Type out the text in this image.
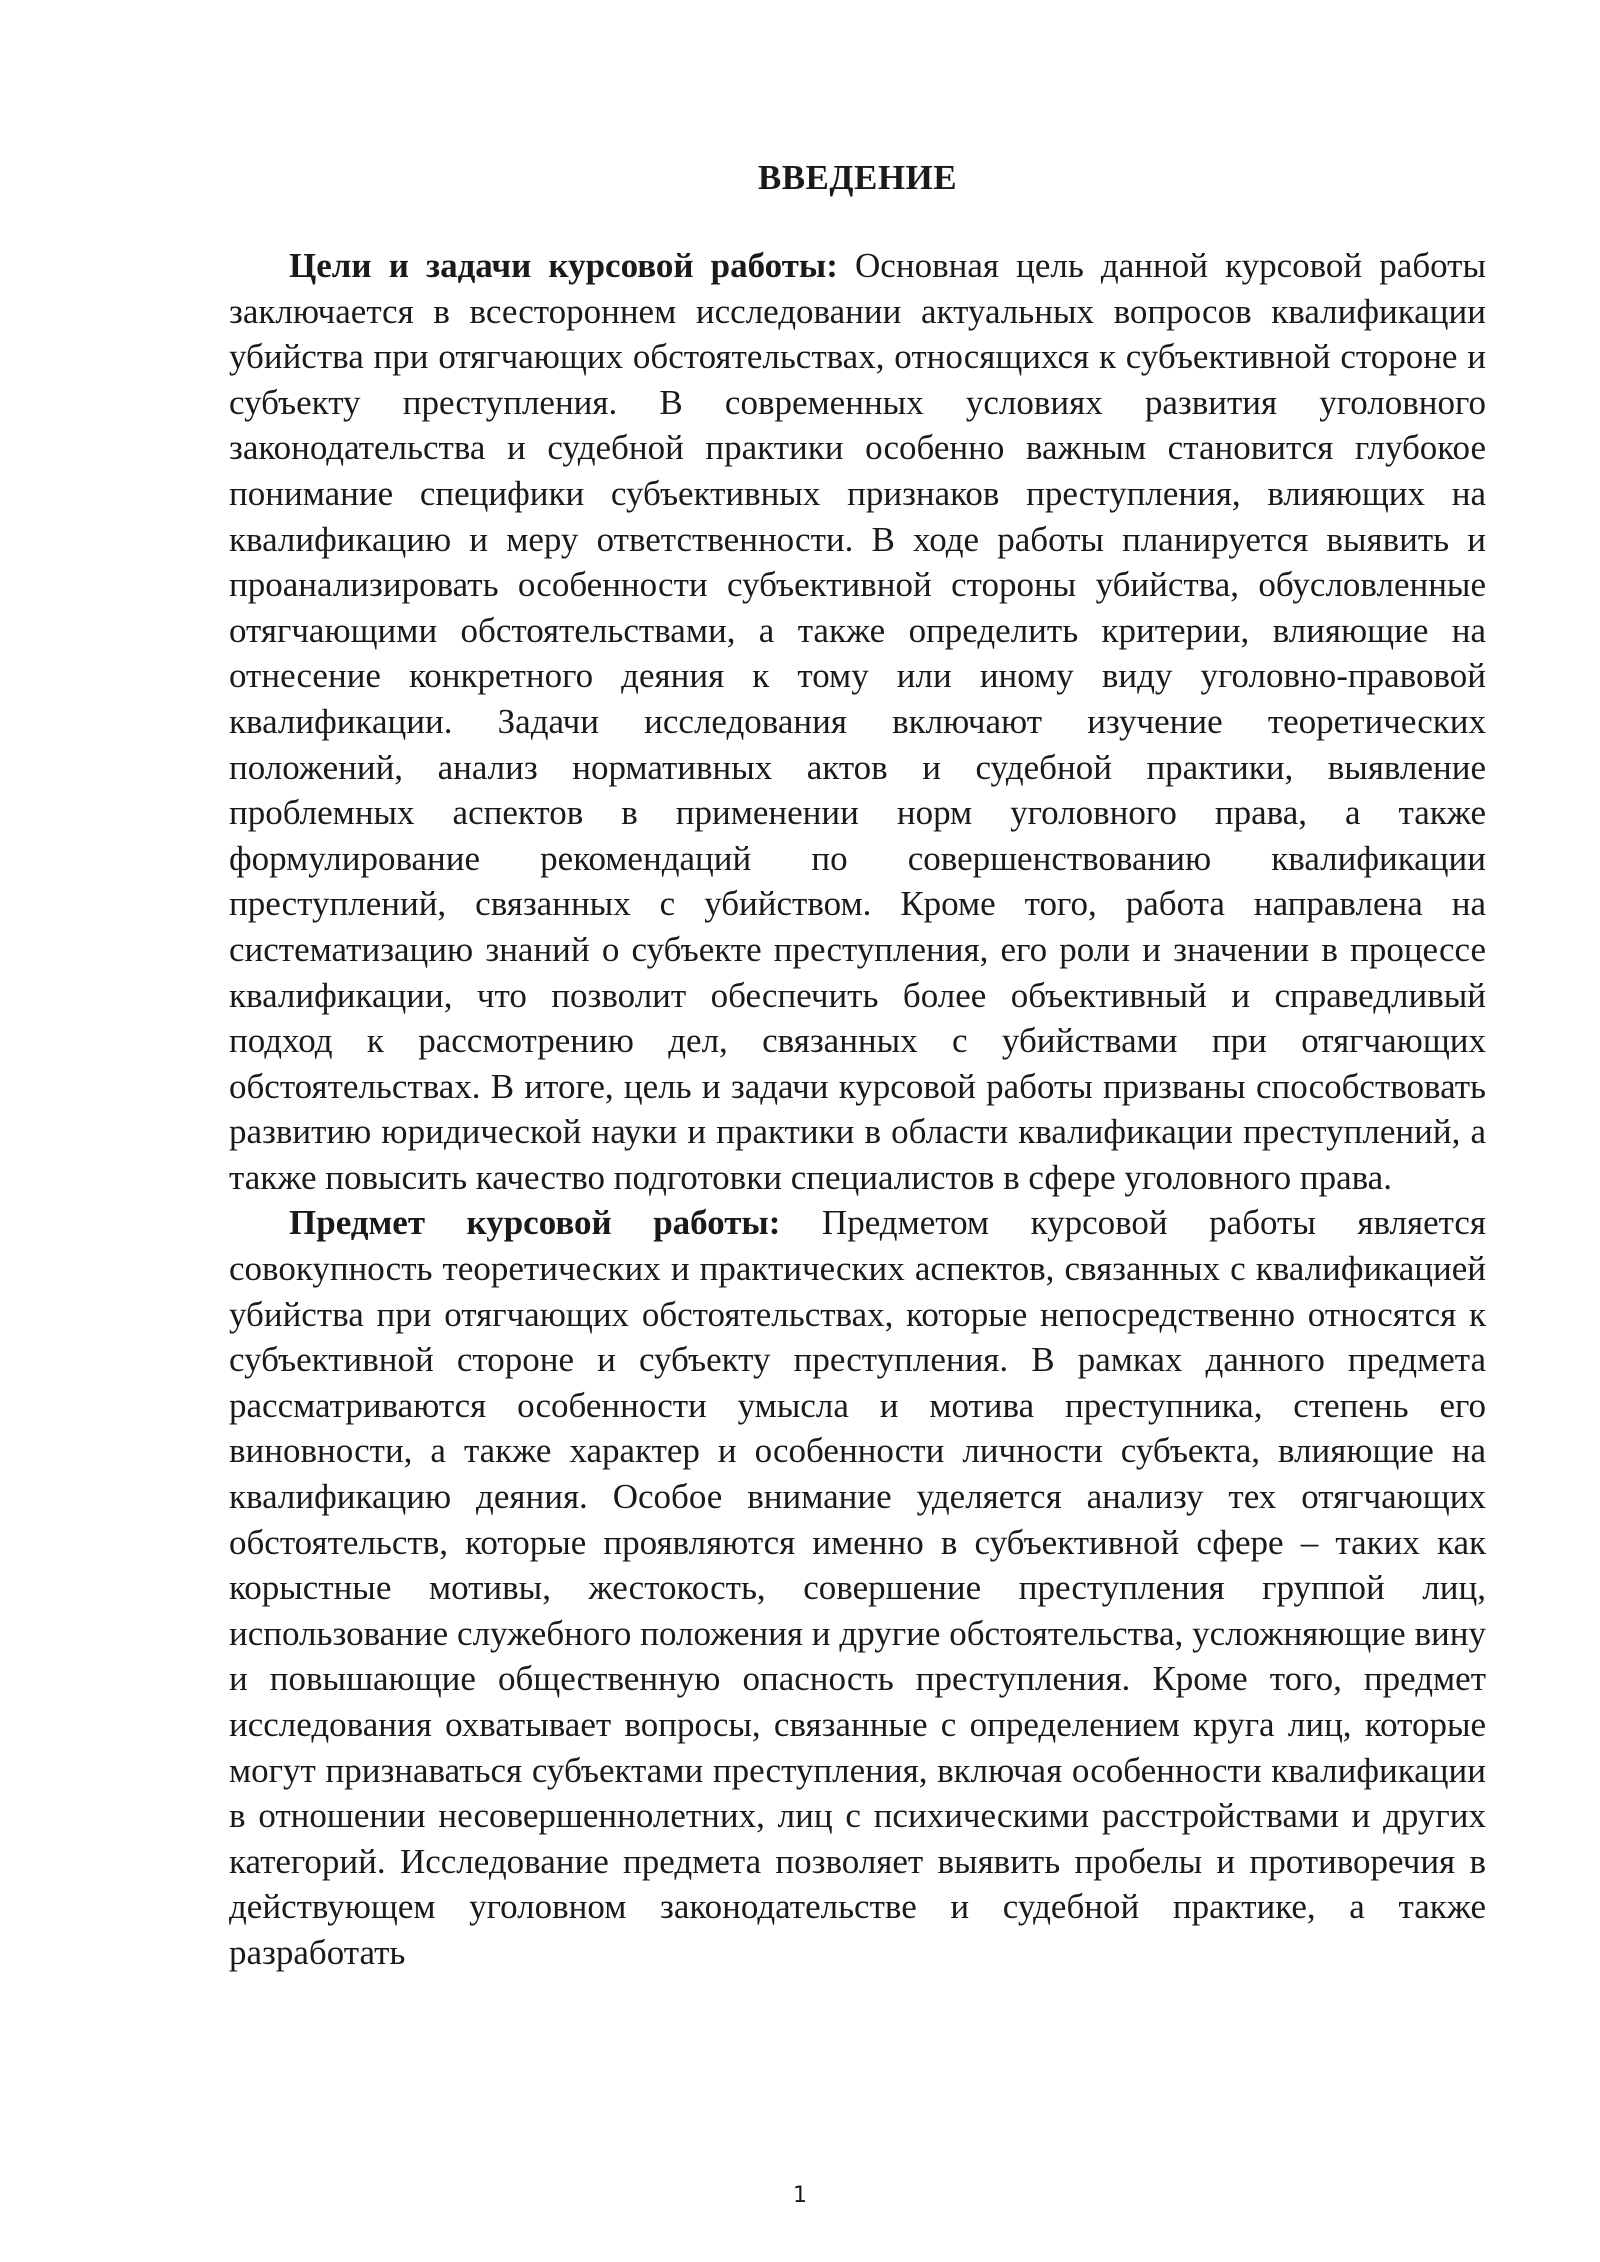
ВВЕДЕНИЕ

Цели и задачи курсовой работы: Основная цель данной курсовой работы заключается в всестороннем исследовании актуальных вопросов квалификации убийства при отягчающих обстоятельствах, относящихся к субъективной стороне и субъекту преступления. В современных условиях развития уголовного законодательства и судебной практики особенно важным становится глубокое понимание специфики субъективных признаков преступления, влияющих на квалификацию и меру ответственности. В ходе работы планируется выявить и проанализировать особенности субъективной стороны убийства, обусловленные отягчающими обстоятельствами, а также определить критерии, влияющие на отнесение конкретного деяния к тому или иному виду уголовно-правовой квалификации. Задачи исследования включают изучение теоретических положений, анализ нормативных актов и судебной практики, выявление проблемных аспектов в применении норм уголовного права, а также формулирование рекомендаций по совершенствованию квалификации преступлений, связанных с убийством. Кроме того, работа направлена на систематизацию знаний о субъекте преступления, его роли и значении в процессе квалификации, что позволит обеспечить более объективный и справедливый подход к рассмотрению дел, связанных с убийствами при отягчающих обстоятельствах. В итоге, цель и задачи курсовой работы призваны способствовать развитию юридической науки и практики в области квалификации преступлений, а также повысить качество подготовки специалистов в сфере уголовного права.

Предмет курсовой работы: Предметом курсовой работы является совокупность теоретических и практических аспектов, связанных с квалификацией убийства при отягчающих обстоятельствах, которые непосредственно относятся к субъективной стороне и субъекту преступления. В рамках данного предмета рассматриваются особенности умысла и мотива преступника, степень его виновности, а также характер и особенности личности субъекта, влияющие на квалификацию деяния. Особое внимание уделяется анализу тех отягчающих обстоятельств, которые проявляются именно в субъективной сфере – таких как корыстные мотивы, жестокость, совершение преступления группой лиц, использование служебного положения и другие обстоятельства, усложняющие вину и повышающие общественную опасность преступления. Кроме того, предмет исследования охватывает вопросы, связанные с определением круга лиц, которые могут признаваться субъектами преступления, включая особенности квалификации в отношении несовершеннолетних, лиц с психическими расстройствами и других категорий. Исследование предмета позволяет выявить пробелы и противоречия в действующем уголовном законодательстве и судебной практике, а также разработать

1
